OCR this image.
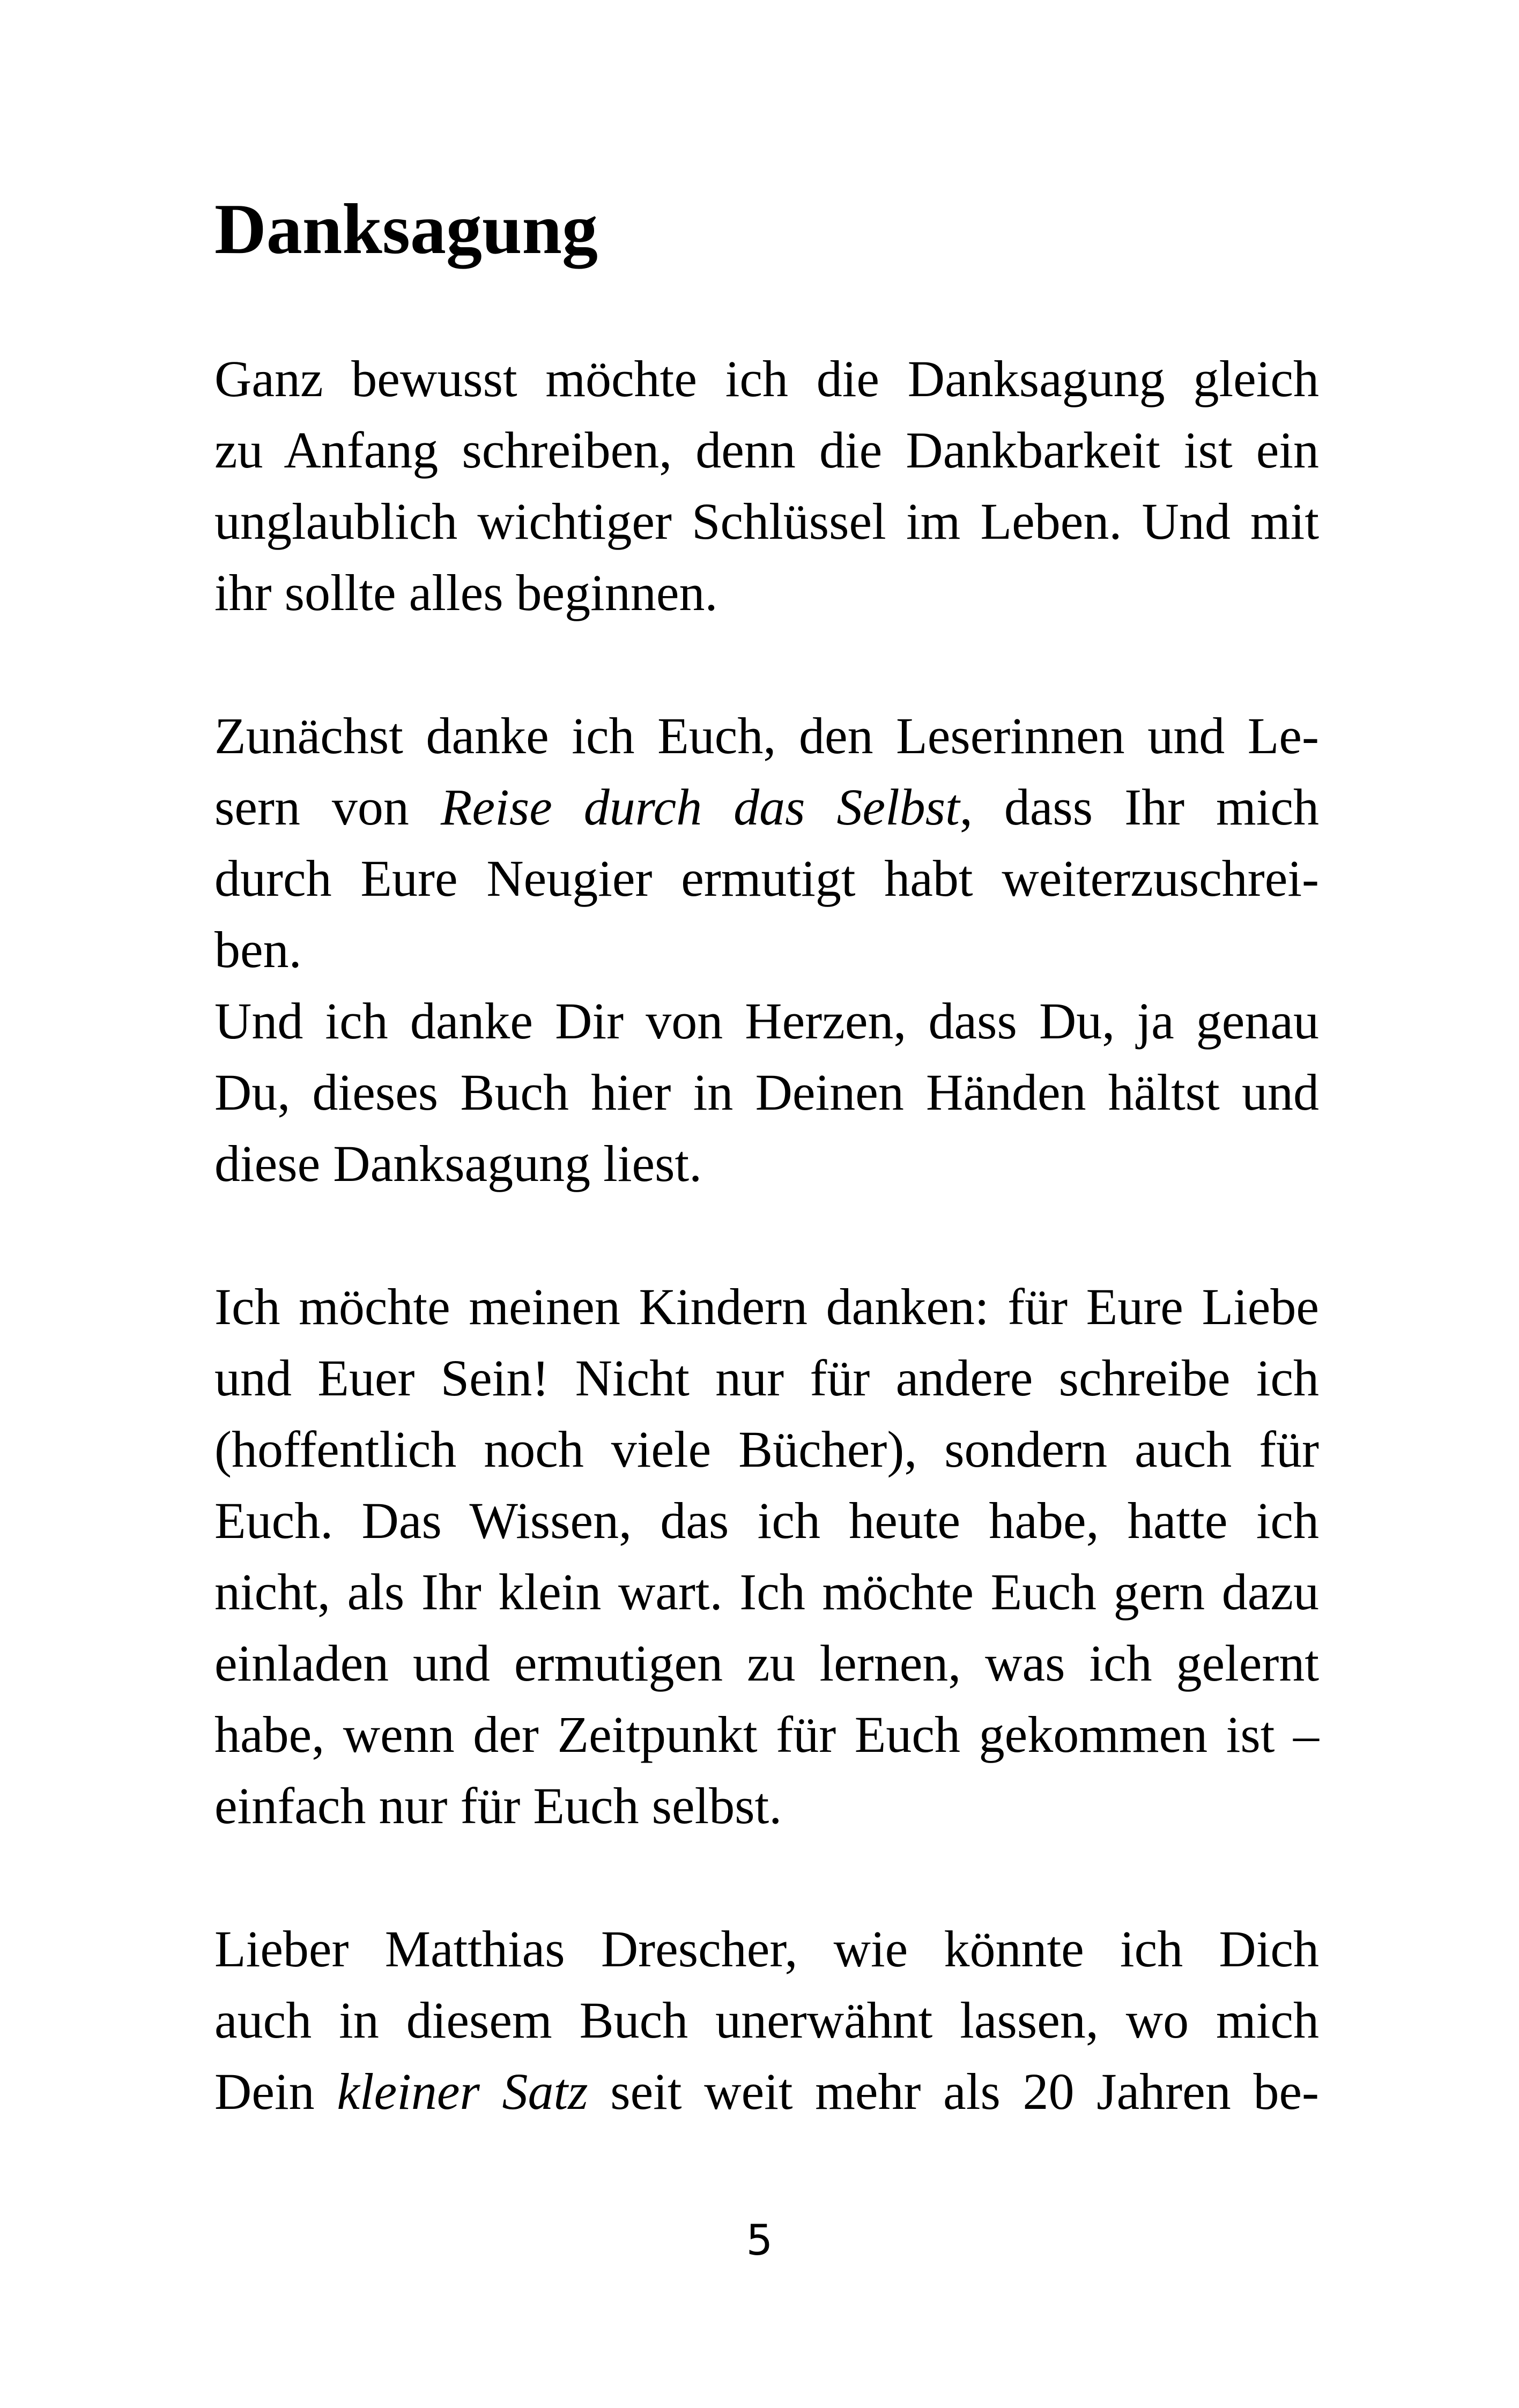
Danksagung
Ganz bewusst möchte ich die Danksagung gleich
zu Anfang schreiben, denn die Dankbarkeit ist ein
unglaublich wichtiger Schlüssel im Leben. Und mit
ihr sollte alles beginnen.
Zunächst danke ich Euch, den Leserinnen und Le-
sern von Reise durch das Selbst, dass Ihr mich
durch Eure Neugier ermutigt habt weiterzuschrei-
ben.
Und ich danke Dir von Herzen, dass Du, ja genau
Du, dieses Buch hier in Deinen Händen hältst und
diese Danksagung liest.
Ich möchte meinen Kindern danken: für Eure Liebe
und Euer Sein! Nicht nur für andere schreibe ich
(hoffentlich noch viele Bücher), sondern auch für
Euch. Das Wissen, das ich heute habe, hatte ich
nicht, als Ihr klein wart. Ich möchte Euch gern dazu
einladen und ermutigen zu lernen, was ich gelernt
habe, wenn der Zeitpunkt für Euch gekommen ist –
einfach nur für Euch selbst.
Lieber Matthias Drescher, wie könnte ich Dich
auch in diesem Buch unerwähnt lassen, wo mich
Dein kleiner Satz seit weit mehr als 20 Jahren be-
5
